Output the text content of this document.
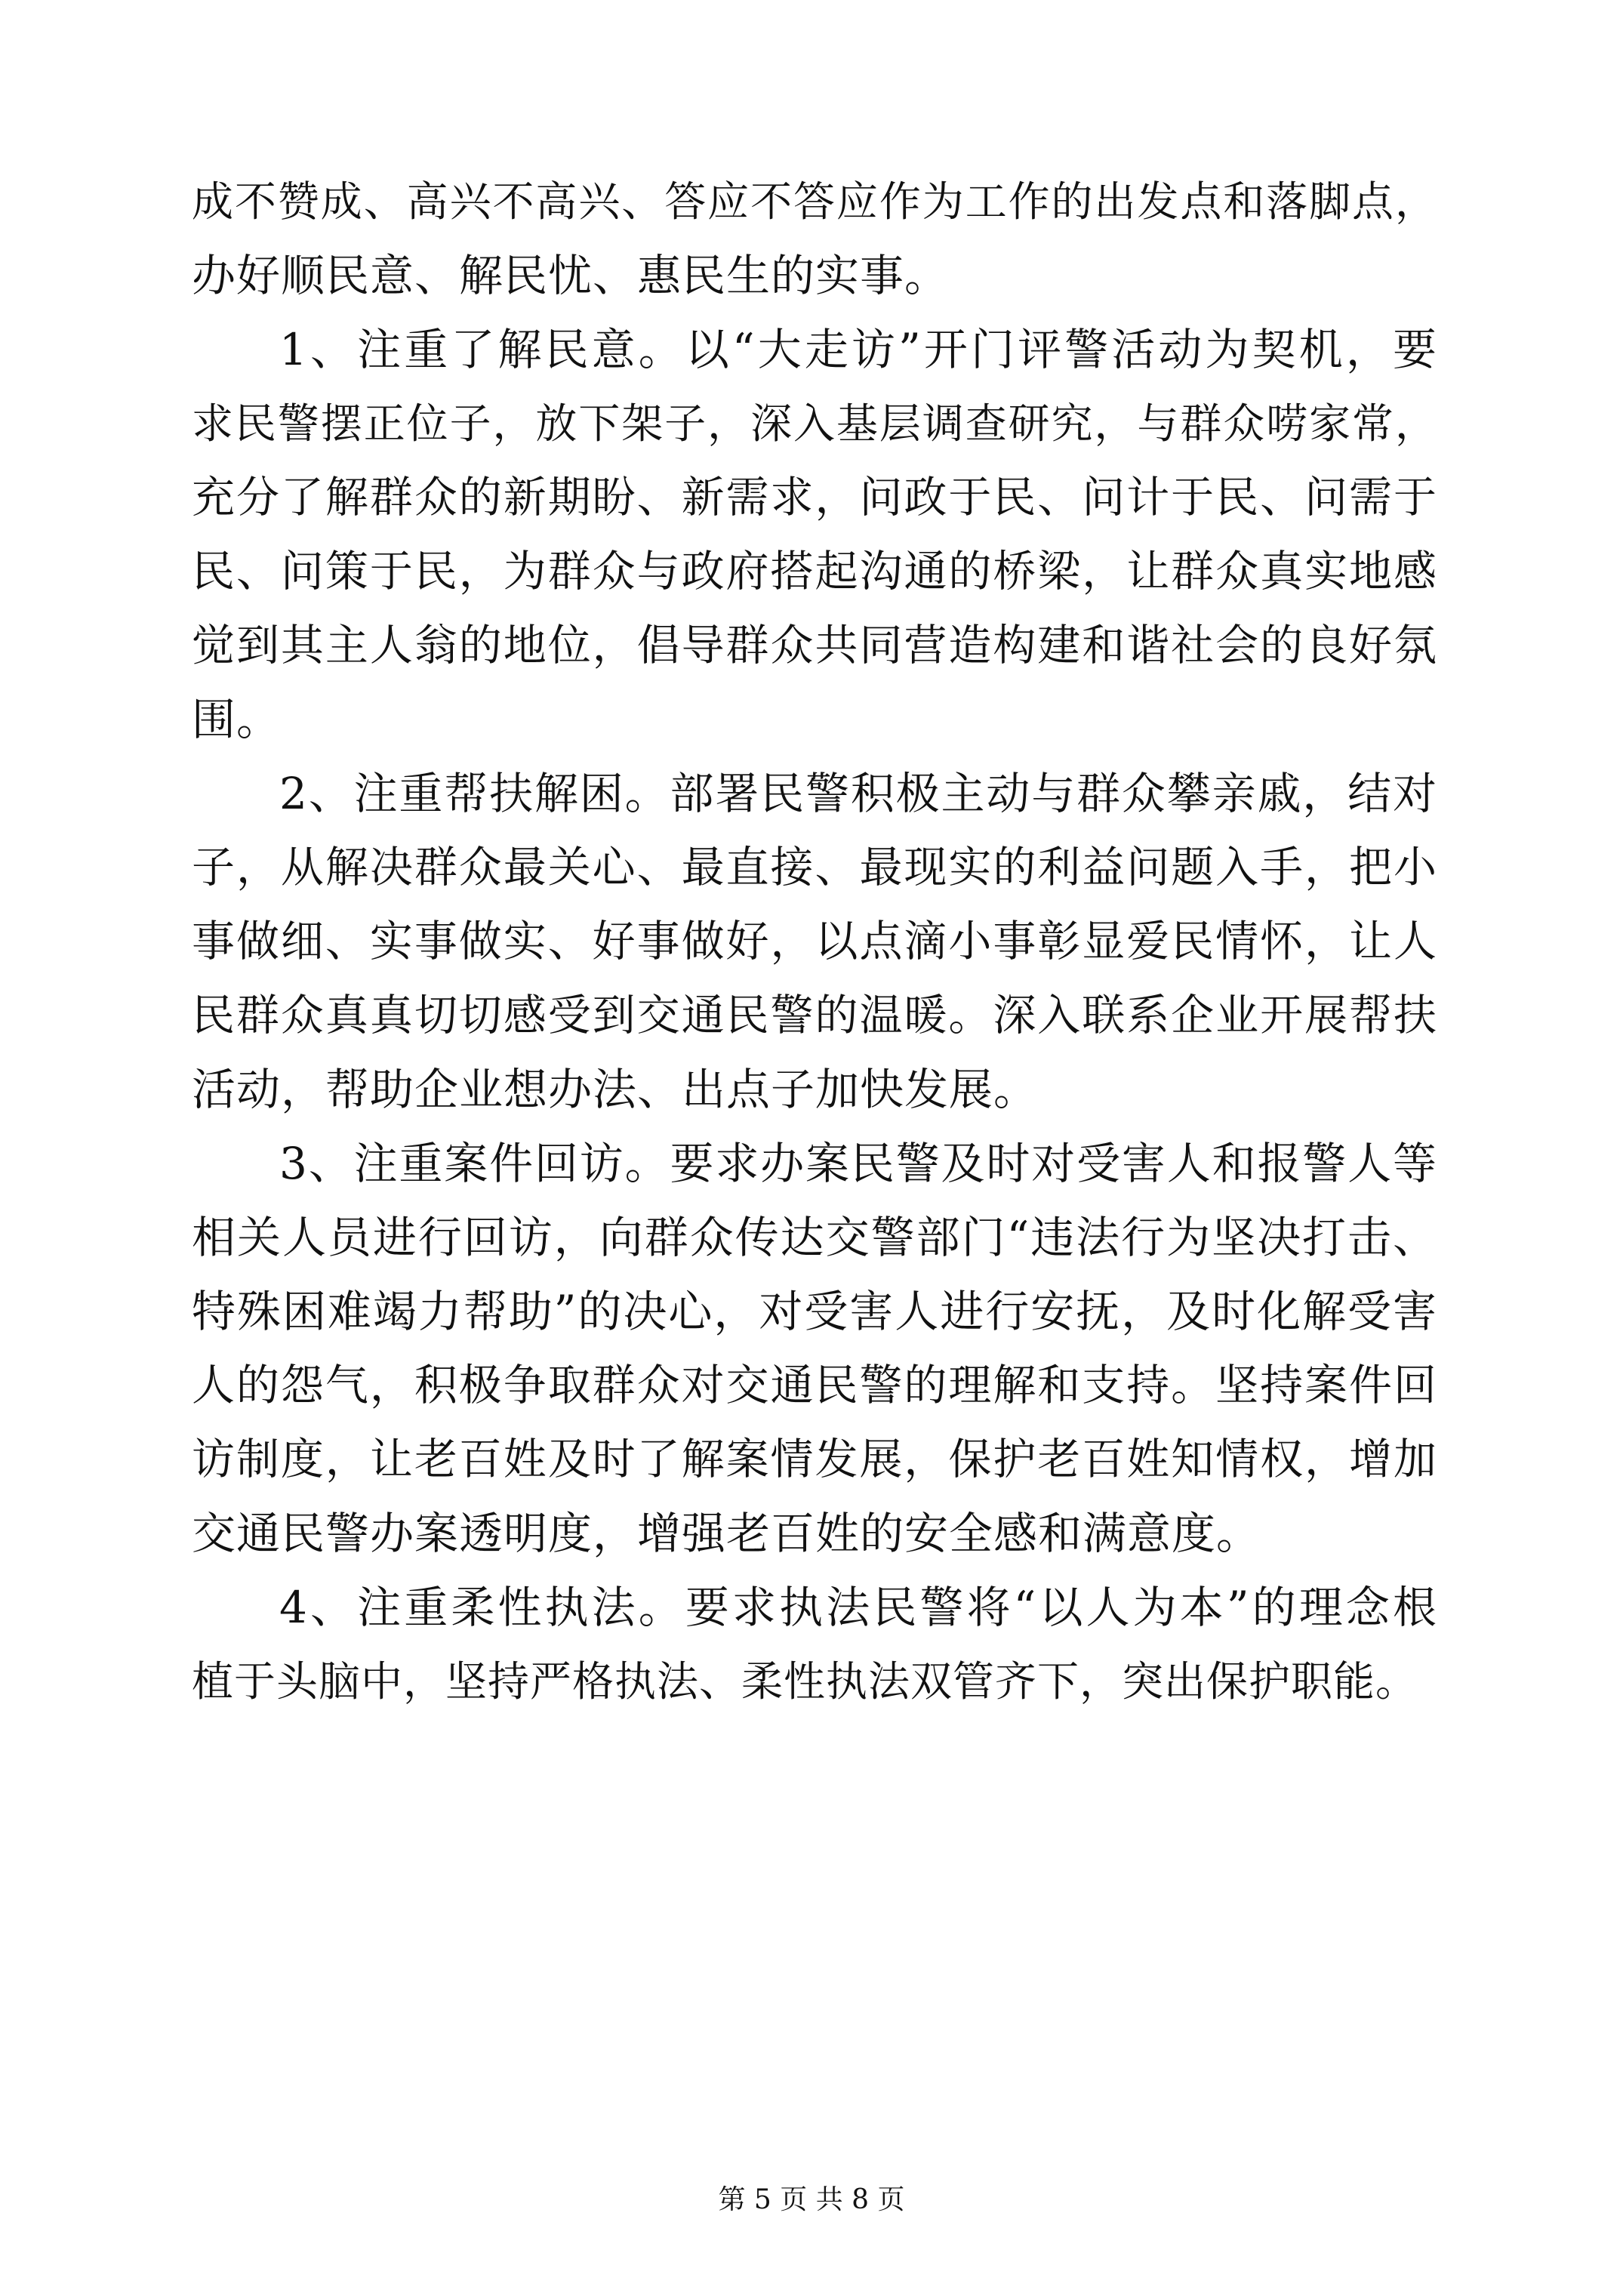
成不赞成、高兴不高兴、答应不答应作为工作的出发点和落脚点，
办好顺民意、解民忧、惠民生的实事。
1、注重了解民意。以“大走访”开门评警活动为契机，要
求民警摆正位子，放下架子，深入基层调查研究，与群众唠家常，
充分了解群众的新期盼、新需求，问政于民、问计于民、问需于
民、问策于民，为群众与政府搭起沟通的桥梁，让群众真实地感
觉到其主人翁的地位，倡导群众共同营造构建和谐社会的良好氛
围。
2、注重帮扶解困。部署民警积极主动与群众攀亲戚，结对
子，从解决群众最关心、最直接、最现实的利益问题入手，把小
事做细、实事做实、好事做好，以点滴小事彰显爱民情怀，让人
民群众真真切切感受到交通民警的温暖。深入联系企业开展帮扶
活动，帮助企业想办法、出点子加快发展。
3、注重案件回访。要求办案民警及时对受害人和报警人等
相关人员进行回访，向群众传达交警部门“违法行为坚决打击、
特殊困难竭力帮助”的决心，对受害人进行安抚，及时化解受害
人的怨气，积极争取群众对交通民警的理解和支持。坚持案件回
访制度，让老百姓及时了解案情发展，保护老百姓知情权，增加
交通民警办案透明度，增强老百姓的安全感和满意度。
4、注重柔性执法。要求执法民警将“以人为本”的理念根
植于头脑中，坚持严格执法、柔性执法双管齐下，突出保护职能。
第 5 页 共 8 页
